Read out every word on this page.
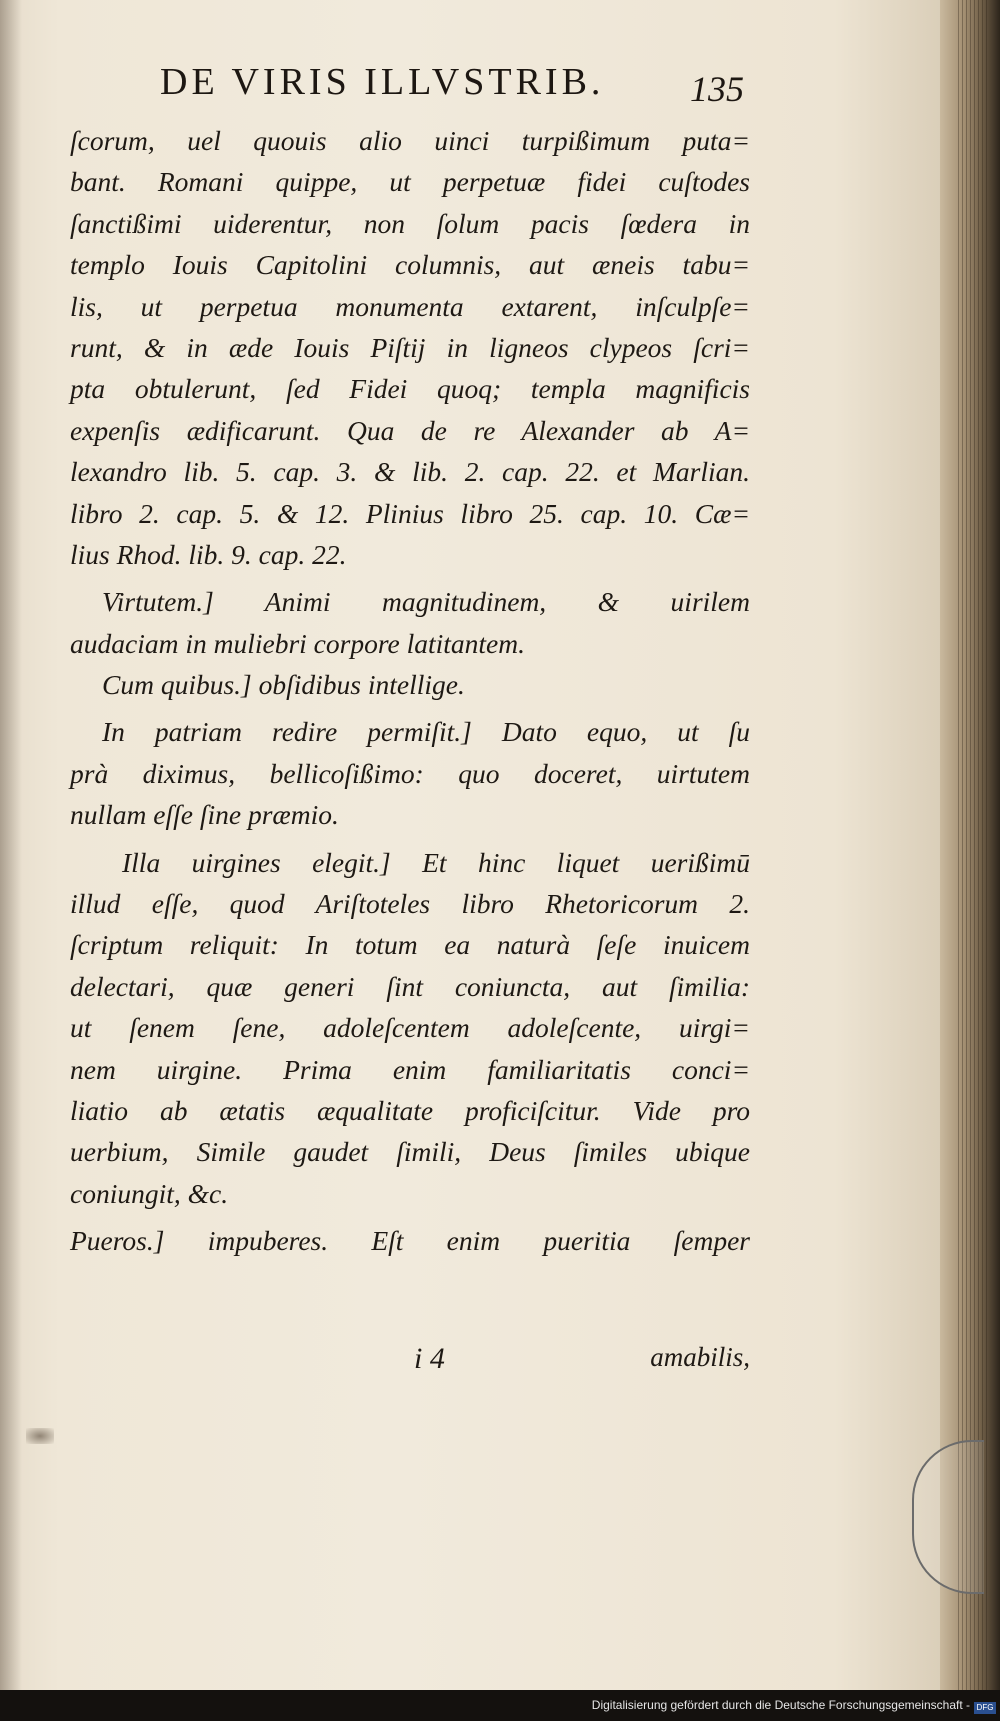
DE VIRIS ILLVSTRIB.	135
ſcorum, uel quouis alio uinci turpißimum puta=
bant. Romani quippe, ut perpetuæ fidei cuſtodes
ſanctißimi uiderentur, non ſolum pacis ſœdera in
templo Iouis Capitolini columnis, aut æneis tabu=
lis, ut perpetua monumenta extarent, inſculpſe=
runt, & in æde Iouis Piſtij in ligneos clypeos ſcri=
pta obtulerunt, ſed Fidei quoq; templa magnificis
expenſis ædificarunt. Qua de re Alexander ab A=
lexandro lib. 5. cap. 3. & lib. 2. cap. 22. et Marlian.
libro 2. cap. 5. & 12. Plinius libro 25. cap. 10. Cæ=
lius Rhod. lib. 9. cap. 22.
Virtutem.] Animi magnitudinem, & uirilem
audaciam in muliebri corpore latitantem.
Cum quibus.] obſidibus intellige.
In patriam redire permiſit.] Dato equo, ut ſu
prà diximus, bellicoſißimo: quo doceret, uirtutem
nullam eſſe ſine præmio.
Illa uirgines elegit.] Et hinc liquet uerißimū
illud eſſe, quod Ariſtoteles libro Rhetoricorum 2.
ſcriptum reliquit: In totum ea naturà ſeſe inuicem
delectari, quæ generi ſint coniuncta, aut ſimilia:
ut ſenem ſene, adoleſcentem adoleſcente, uirgi=
nem uirgine. Prima enim familiaritatis conci=
liatio ab ætatis æqualitate proficiſcitur. Vide pro
uerbium, Simile gaudet ſimili, Deus ſimiles ubique
coniungit, &c.
Pueros.] impuberes. Eſt enim pueritia ſemper
i 4	amabilis,
Digitalisierung gefördert durch die Deutsche Forschungsgemeinschaft - DFG
